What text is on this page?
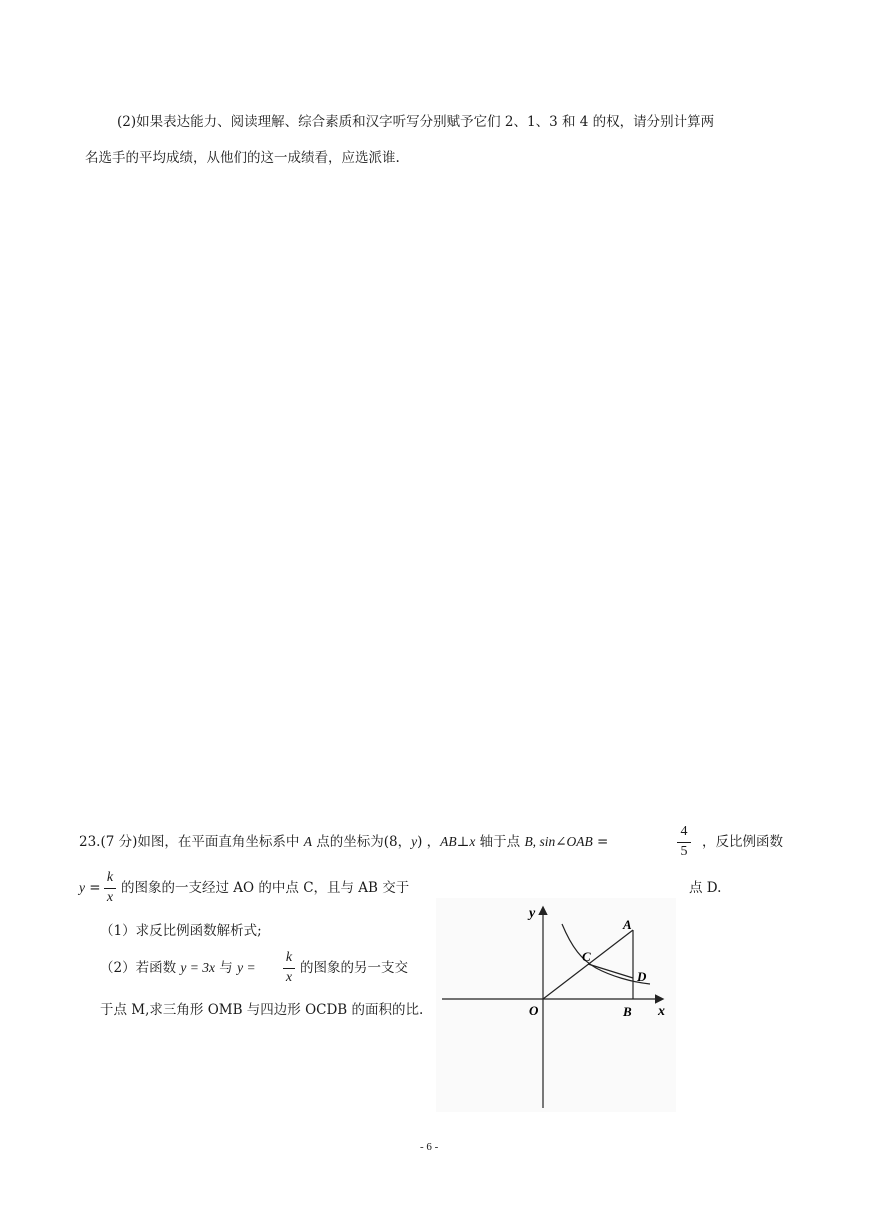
(2)如果表达能力、阅读理解、综合素质和汉字听写分别赋予它们 2、1、3 和 4 的权，请分别计算两
名选手的平均成绩，从他们的这一成绩看，应选派谁.
23.(7 分)如图，在平面直角坐标系中 A 点的坐标为(8，y) ，AB⊥x 轴于点 B, sin∠OAB =
4
5
，反比例函数
y =
k
x
的图象的一支经过 AO 的中点 C，且与 AB 交于	点 D.
（1）求反比例函数解析式;
（2）若函数 y = 3x 与 y =
k
x
的图象的另一支交
于点 M,求三角形 OMB 与四边形 OCDB 的面积的比.
y
x
O
A
B
C
D
- 6 -
